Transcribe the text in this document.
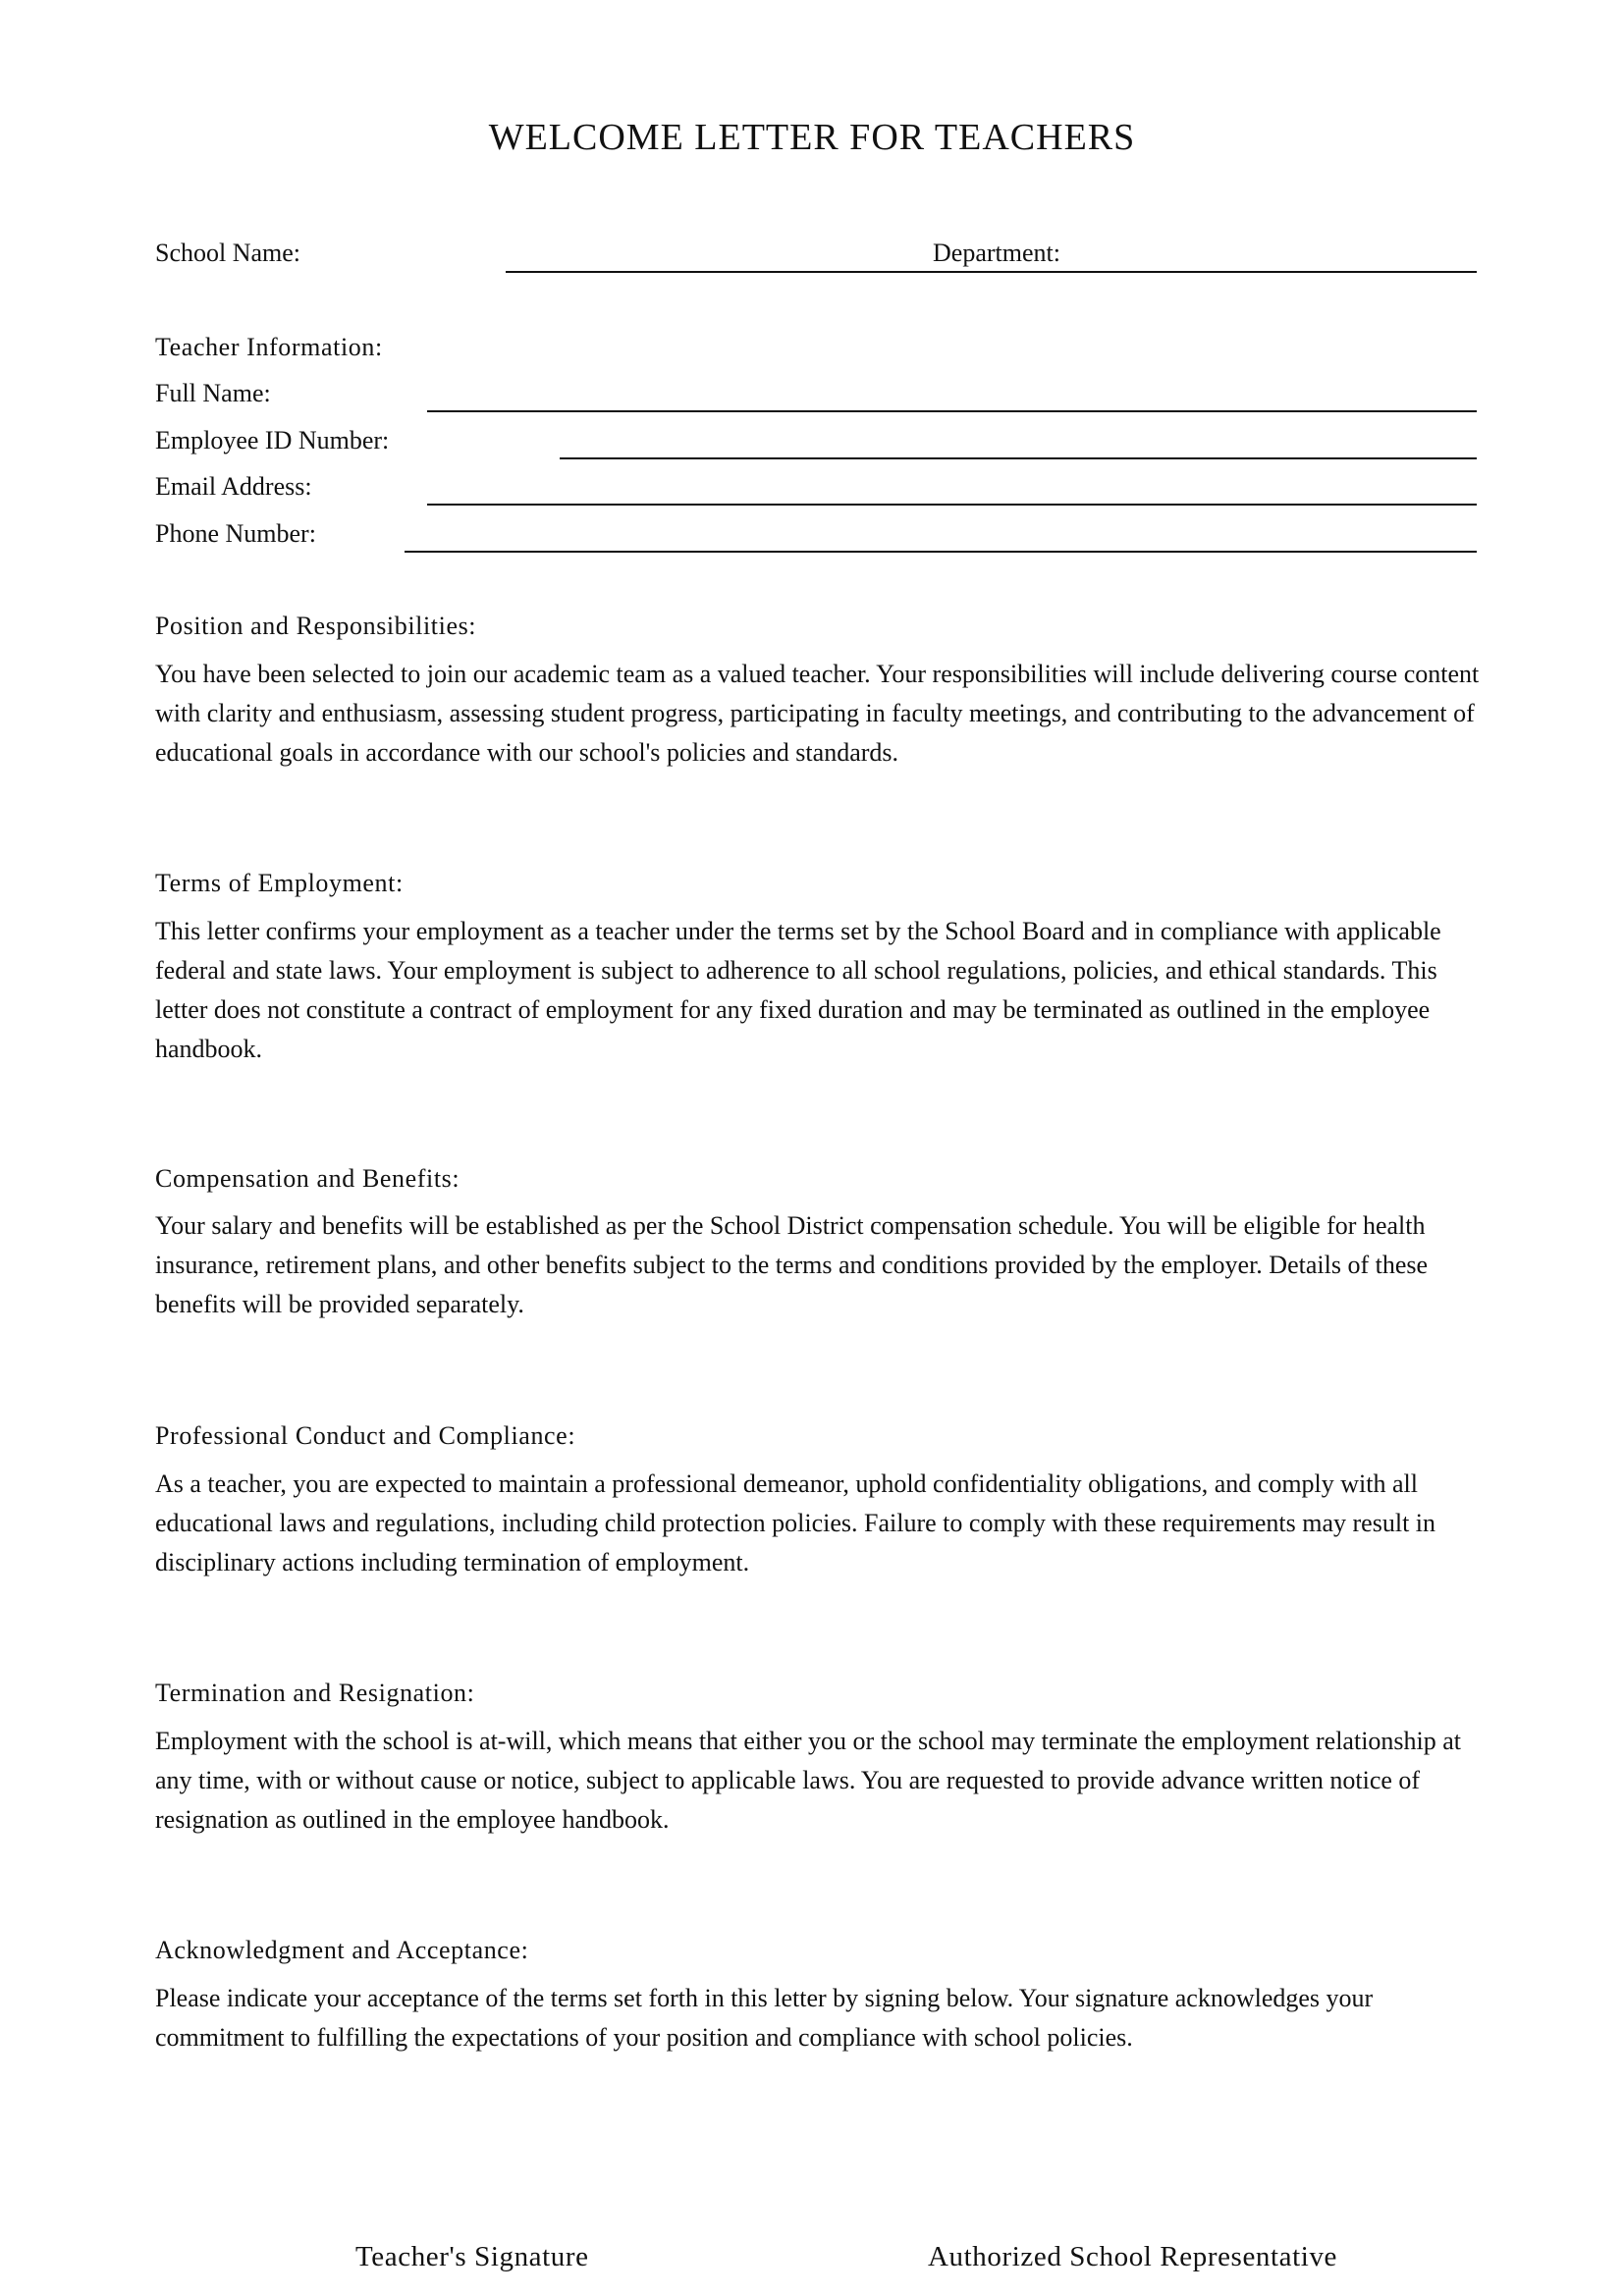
WELCOME LETTER FOR TEACHERS
School Name:	Department:
Teacher Information:
Full Name:
Employee ID Number:
Email Address:
Phone Number:
Position and Responsibilities:
You have been selected to join our academic team as a valued teacher. Your responsibilities will include delivering course content with clarity and enthusiasm, assessing student progress, participating in faculty meetings, and contributing to the advancement of educational goals in accordance with our school's policies and standards.
Terms of Employment:
This letter confirms your employment as a teacher under the terms set by the School Board and in compliance with applicable federal and state laws. Your employment is subject to adherence to all school regulations, policies, and ethical standards. This letter does not constitute a contract of employment for any fixed duration and may be terminated as outlined in the employee handbook.
Compensation and Benefits:
Your salary and benefits will be established as per the School District compensation schedule. You will be eligible for health insurance, retirement plans, and other benefits subject to the terms and conditions provided by the employer. Details of these benefits will be provided separately.
Professional Conduct and Compliance:
As a teacher, you are expected to maintain a professional demeanor, uphold confidentiality obligations, and comply with all educational laws and regulations, including child protection policies. Failure to comply with these requirements may result in disciplinary actions including termination of employment.
Termination and Resignation:
Employment with the school is at-will, which means that either you or the school may terminate the employment relationship at any time, with or without cause or notice, subject to applicable laws. You are requested to provide advance written notice of resignation as outlined in the employee handbook.
Acknowledgment and Acceptance:
Please indicate your acceptance of the terms set forth in this letter by signing below. Your signature acknowledges your commitment to fulfilling the expectations of your position and compliance with school policies.
Teacher's Signature	Authorized School Representative
